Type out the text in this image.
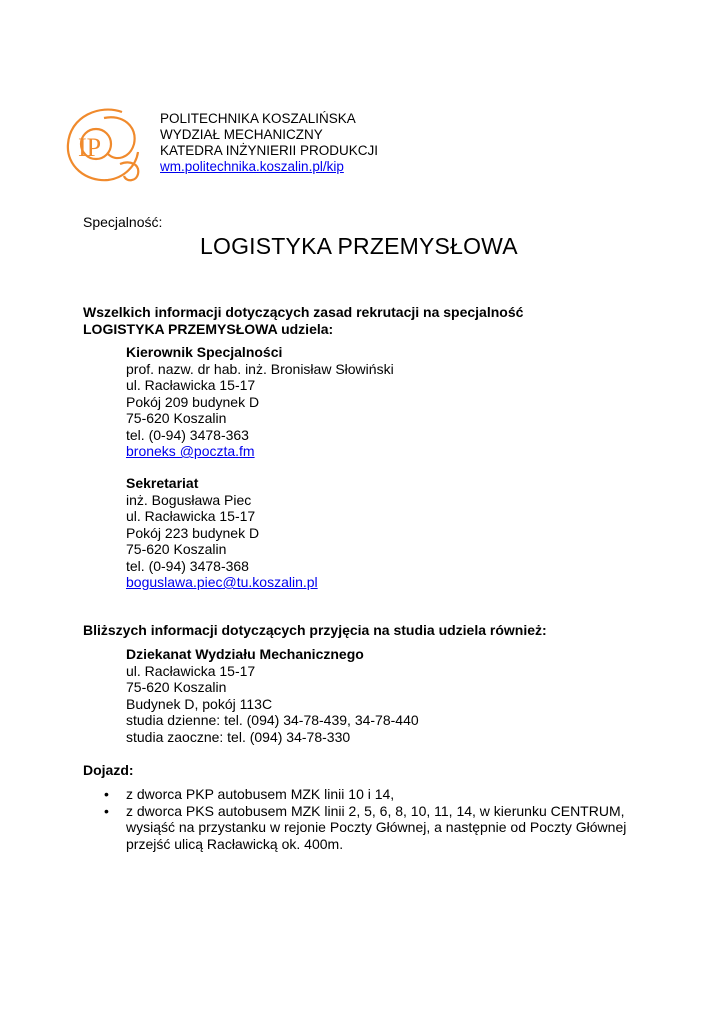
IP
POLITECHNIKA KOSZALIŃSKA
WYDZIAŁ MECHANICZNY
KATEDRA INŻYNIERII PRODUKCJI
wm.politechnika.koszalin.pl/kip
Specjalność:
LOGISTYKA PRZEMYSŁOWA
Wszelkich informacji dotyczących zasad rekrutacji na specjalność
LOGISTYKA PRZEMYSŁOWA udziela:
Kierownik Specjalności
prof. nazw. dr hab. inż. Bronisław Słowiński
ul. Racławicka 15-17
Pokój 209 budynek D
75-620 Koszalin
tel. (0-94) 3478-363
broneks @poczta.fm
Sekretariat
inż. Bogusława Piec
ul. Racławicka 15-17
Pokój 223 budynek D
75-620 Koszalin
tel. (0-94) 3478-368
boguslawa.piec@tu.koszalin.pl
Bliższych informacji dotyczących przyjęcia na studia udziela również:
Dziekanat Wydziału Mechanicznego
ul. Racławicka 15-17
75-620 Koszalin
Budynek D, pokój 113C
studia dzienne: tel. (094) 34-78-439, 34-78-440
studia zaoczne: tel. (094) 34-78-330
Dojazd:
• z dworca PKP autobusem MZK linii 10 i 14,
• z dworca PKS autobusem MZK linii 2, 5, 6, 8, 10, 11, 14, w kierunku CENTRUM,
wysiąść na przystanku w rejonie Poczty Głównej, a następnie od Poczty Głównej
przejść ulicą Racławicką ok. 400m.
